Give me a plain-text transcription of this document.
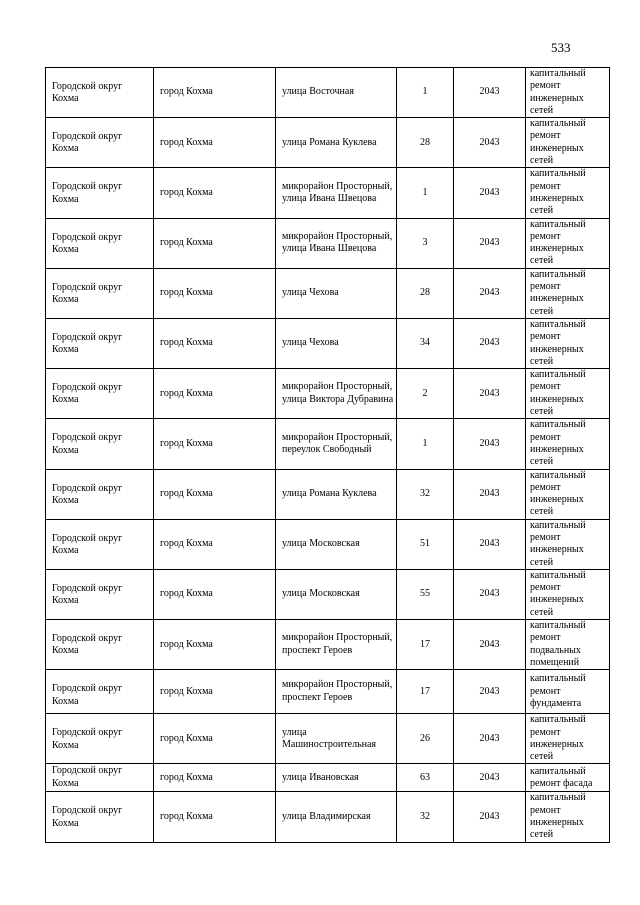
533
Городской округ Кохма	город Кохма	улица Восточная	1	2043	капитальный ремонт инженерных сетей
Городской округ Кохма	город Кохма	улица Романа Куклева	28	2043	капитальный ремонт инженерных сетей
Городской округ Кохма	город Кохма	микрорайон Просторный, улица Ивана Швецова	1	2043	капитальный ремонт инженерных сетей
Городской округ Кохма	город Кохма	микрорайон Просторный, улица Ивана Швецова	3	2043	капитальный ремонт инженерных сетей
Городской округ Кохма	город Кохма	улица Чехова	28	2043	капитальный ремонт инженерных сетей
Городской округ Кохма	город Кохма	улица Чехова	34	2043	капитальный ремонт инженерных сетей
Городской округ Кохма	город Кохма	микрорайон Просторный, улица Виктора Дубравина	2	2043	капитальный ремонт инженерных сетей
Городской округ Кохма	город Кохма	микрорайон Просторный, переулок Свободный	1	2043	капитальный ремонт инженерных сетей
Городской округ Кохма	город Кохма	улица Романа Куклева	32	2043	капитальный ремонт инженерных сетей
Городской округ Кохма	город Кохма	улица Московская	51	2043	капитальный ремонт инженерных сетей
Городской округ Кохма	город Кохма	улица Московская	55	2043	капитальный ремонт инженерных сетей
Городской округ Кохма	город Кохма	микрорайон Просторный, проспект Героев	17	2043	капитальный ремонт подвальных помещений
Городской округ Кохма	город Кохма	микрорайон Просторный, проспект Героев	17	2043	капитальный ремонт фундамента
Городской округ Кохма	город Кохма	улица Машиностроительная	26	2043	капитальный ремонт инженерных сетей
Городской округ Кохма	город Кохма	улица Ивановская	63	2043	капитальный ремонт фасада
Городской округ Кохма	город Кохма	улица Владимирская	32	2043	капитальный ремонт инженерных сетей
